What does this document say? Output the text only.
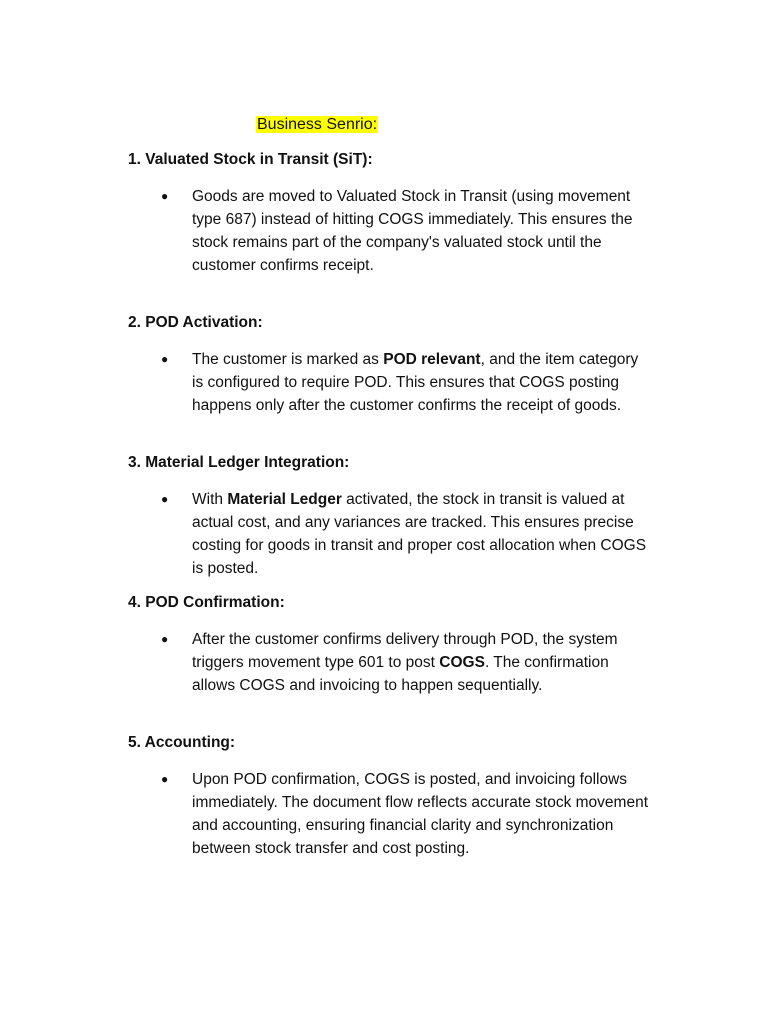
Business Senrio:

1. Valuated Stock in Transit (SiT):

● Goods are moved to Valuated Stock in Transit (using movement type 687) instead of hitting COGS immediately. This ensures the stock remains part of the company's valuated stock until the customer confirms receipt.

2. POD Activation:

● The customer is marked as POD relevant, and the item category is configured to require POD. This ensures that COGS posting happens only after the customer confirms the receipt of goods.

3. Material Ledger Integration:

● With Material Ledger activated, the stock in transit is valued at actual cost, and any variances are tracked. This ensures precise costing for goods in transit and proper cost allocation when COGS is posted.

4. POD Confirmation:

● After the customer confirms delivery through POD, the system triggers movement type 601 to post COGS. The confirmation allows COGS and invoicing to happen sequentially.

5. Accounting:

● Upon POD confirmation, COGS is posted, and invoicing follows immediately. The document flow reflects accurate stock movement and accounting, ensuring financial clarity and synchronization between stock transfer and cost posting.
